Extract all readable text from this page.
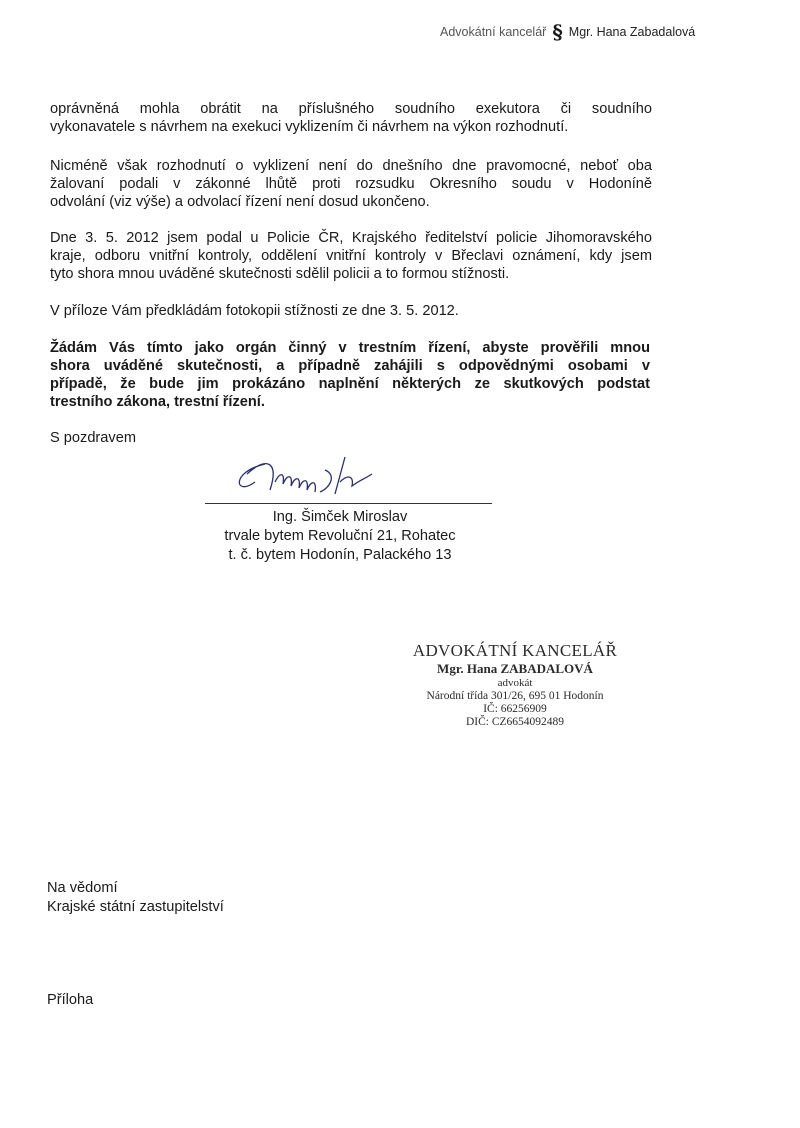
Advokátní kancelář § Mgr. Hana Zabadalová
oprávněná mohla obrátit na příslušného soudního exekutora či soudního
vykonavatele s návrhem na exekuci vyklizením či návrhem na výkon rozhodnutí.
Nicméně však rozhodnutí o vyklizení není do dnešního dne pravomocné, neboť oba
žalovaní podali v zákonné lhůtě proti rozsudku Okresního soudu v Hodoníně
odvolání (viz výše) a odvolací řízení není dosud ukončeno.
Dne 3. 5. 2012 jsem podal u Policie ČR, Krajského ředitelství policie Jihomoravského
kraje, odboru vnitřní kontroly, oddělení vnitřní kontroly v Břeclavi oznámení, kdy jsem
tyto shora mnou uváděné skutečnosti sdělil policii a to formou stížnosti.
V příloze Vám předkládám fotokopii stížnosti ze dne 3. 5. 2012.
Žádám Vás tímto jako orgán činný v trestním řízení, abyste prověřili mnou
shora uváděné skutečnosti, a případně zahájili s odpovědnými osobami v
případě, že bude jim prokázáno naplnění některých ze skutkových podstat
trestního zákona, trestní řízení.
S pozdravem
Ing. Šimček Miroslav
trvale bytem Revoluční 21, Rohatec
t. č. bytem Hodonín, Palackého 13
ADVOKÁTNÍ KANCELÁŘ
Mgr. Hana ZABADALOVÁ
advokát
Národní třída 301/26, 695 01 Hodonín
IČ: 66256909
DIČ: CZ6654092489
Na vědomí
Krajské státní zastupitelství
Příloha
